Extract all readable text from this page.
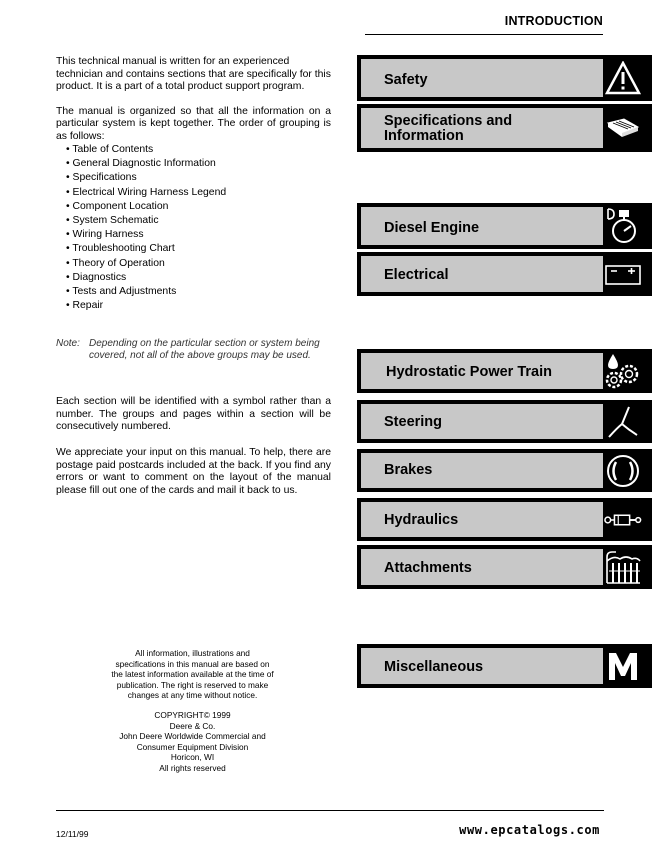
INTRODUCTION

This technical manual is written for an experienced technician and contains sections that are specifically for this product. It is a part of a total product support program.

The manual is organized so that all the information on a particular system is kept together. The order of grouping is as follows:

• Table of Contents
• General Diagnostic Information
• Specifications
• Electrical Wiring Harness Legend
• Component Location
• System Schematic
• Wiring Harness
• Troubleshooting Chart
• Theory of Operation
• Diagnostics
• Tests and Adjustments
• Repair
Note: Depending on the particular section or system being covered, not all of the above groups may be used.

Each section will be identified with a symbol rather than a number. The groups and pages within a section will be consecutively numbered.

We appreciate your input on this manual. To help, there are postage paid postcards included at the back. If you find any errors or want to comment on the layout of the manual please fill out one of the cards and mail it back to us.

All information, illustrations and

specifications in this manual are based on

the latest information available at the time of

publication. The right is reserved to make

changes at any time without notice.

COPYRIGHT© 1999

Deere & Co.

John Deere Worldwide Commercial and

Consumer Equipment Division

Horicon, WI

All rights reserved

Safety
Specifications and
Information
Diesel Engine
Electrical
Hydrostatic Power Train
Steering
Brakes
Hydraulics
Attachments
Miscellaneous
12/11/99	www.epcatalogs.com
